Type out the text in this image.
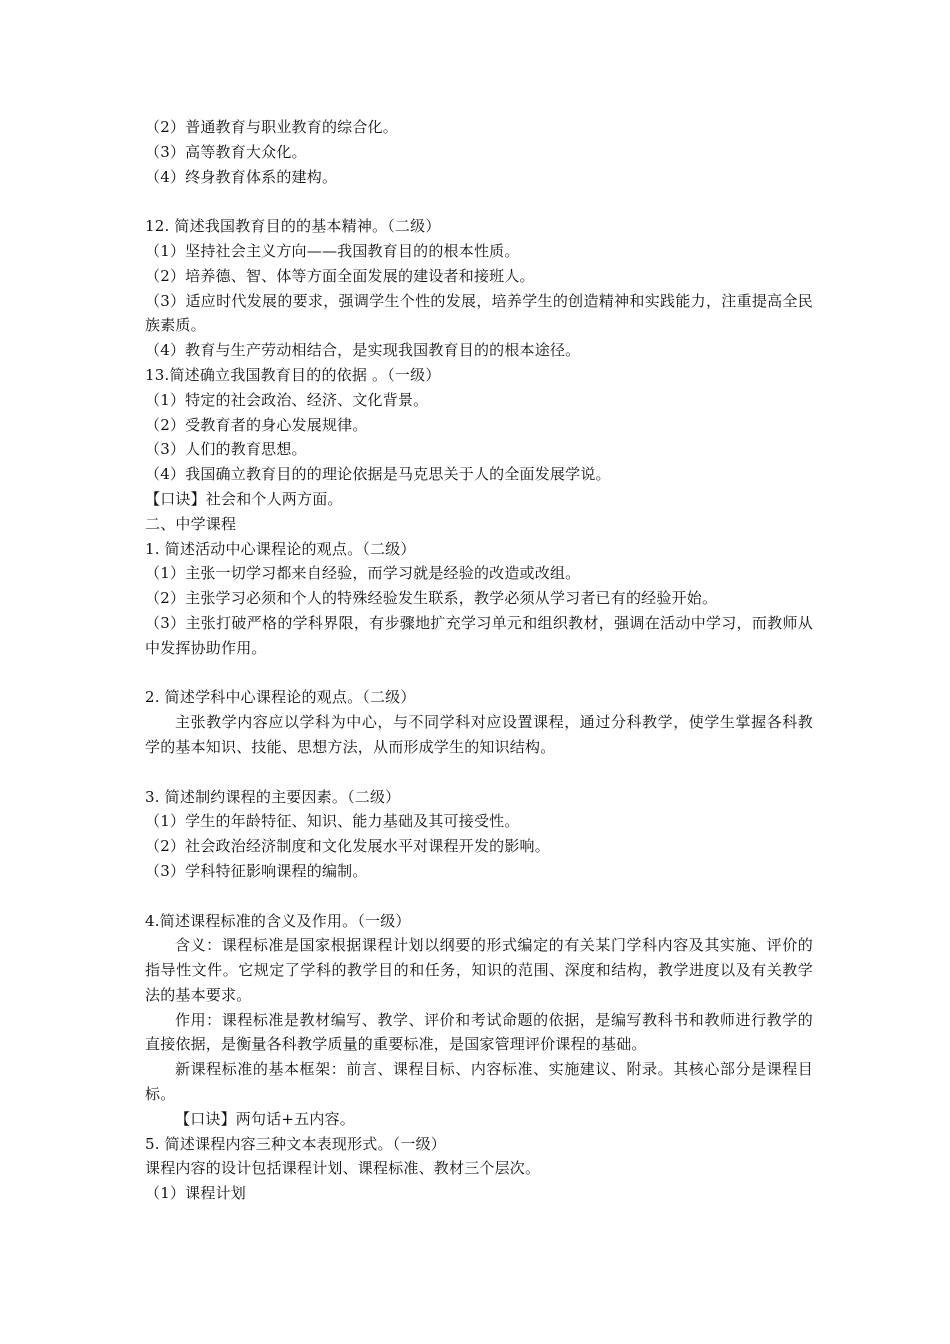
（2）普通教育与职业教育的综合化。
（3）高等教育大众化。
（4）终身教育体系的建构。
12. 简述我国教育目的的基本精神。（二级）
（1）坚持社会主义方向——我国教育目的的根本性质。
（2）培养德、智、体等方面全面发展的建设者和接班人。
（3）适应时代发展的要求，强调学生个性的发展，培养学生的创造精神和实践能力，注重提高全民族素质。
（4）教育与生产劳动相结合，是实现我国教育目的的根本途径。
13.简述确立我国教育目的的依据 。（一级）
（1）特定的社会政治、经济、文化背景。
（2）受教育者的身心发展规律。
（3）人们的教育思想。
（4）我国确立教育目的的理论依据是马克思关于人的全面发展学说。
【口诀】社会和个人两方面。
二、中学课程
1. 简述活动中心课程论的观点。（二级）
（1）主张一切学习都来自经验，而学习就是经验的改造或改组。
（2）主张学习必须和个人的特殊经验发生联系，教学必须从学习者已有的经验开始。
（3）主张打破严格的学科界限，有步骤地扩充学习单元和组织教材，强调在活动中学习，而教师从中发挥协助作用。
2. 简述学科中心课程论的观点。（二级）
主张教学内容应以学科为中心，与不同学科对应设置课程，通过分科教学，使学生掌握各科教学的基本知识、技能、思想方法，从而形成学生的知识结构。
3. 简述制约课程的主要因素。（二级）
（1）学生的年龄特征、知识、能力基础及其可接受性。
（2）社会政治经济制度和文化发展水平对课程开发的影响。
（3）学科特征影响课程的编制。
4.简述课程标准的含义及作用。（一级）
含义：课程标准是国家根据课程计划以纲要的形式编定的有关某门学科内容及其实施、评价的指导性文件。它规定了学科的教学目的和任务，知识的范围、深度和结构，教学进度以及有关教学法的基本要求。
作用：课程标准是教材编写、教学、评价和考试命题的依据，是编写教科书和教师进行教学的直接依据，是衡量各科教学质量的重要标准，是国家管理评价课程的基础。
新课程标准的基本框架：前言、课程目标、内容标准、实施建议、附录。其核心部分是课程目标。
【口诀】两句话+五内容。
5. 简述课程内容三种文本表现形式。（一级）
课程内容的设计包括课程计划、课程标准、教材三个层次。
（1）课程计划
